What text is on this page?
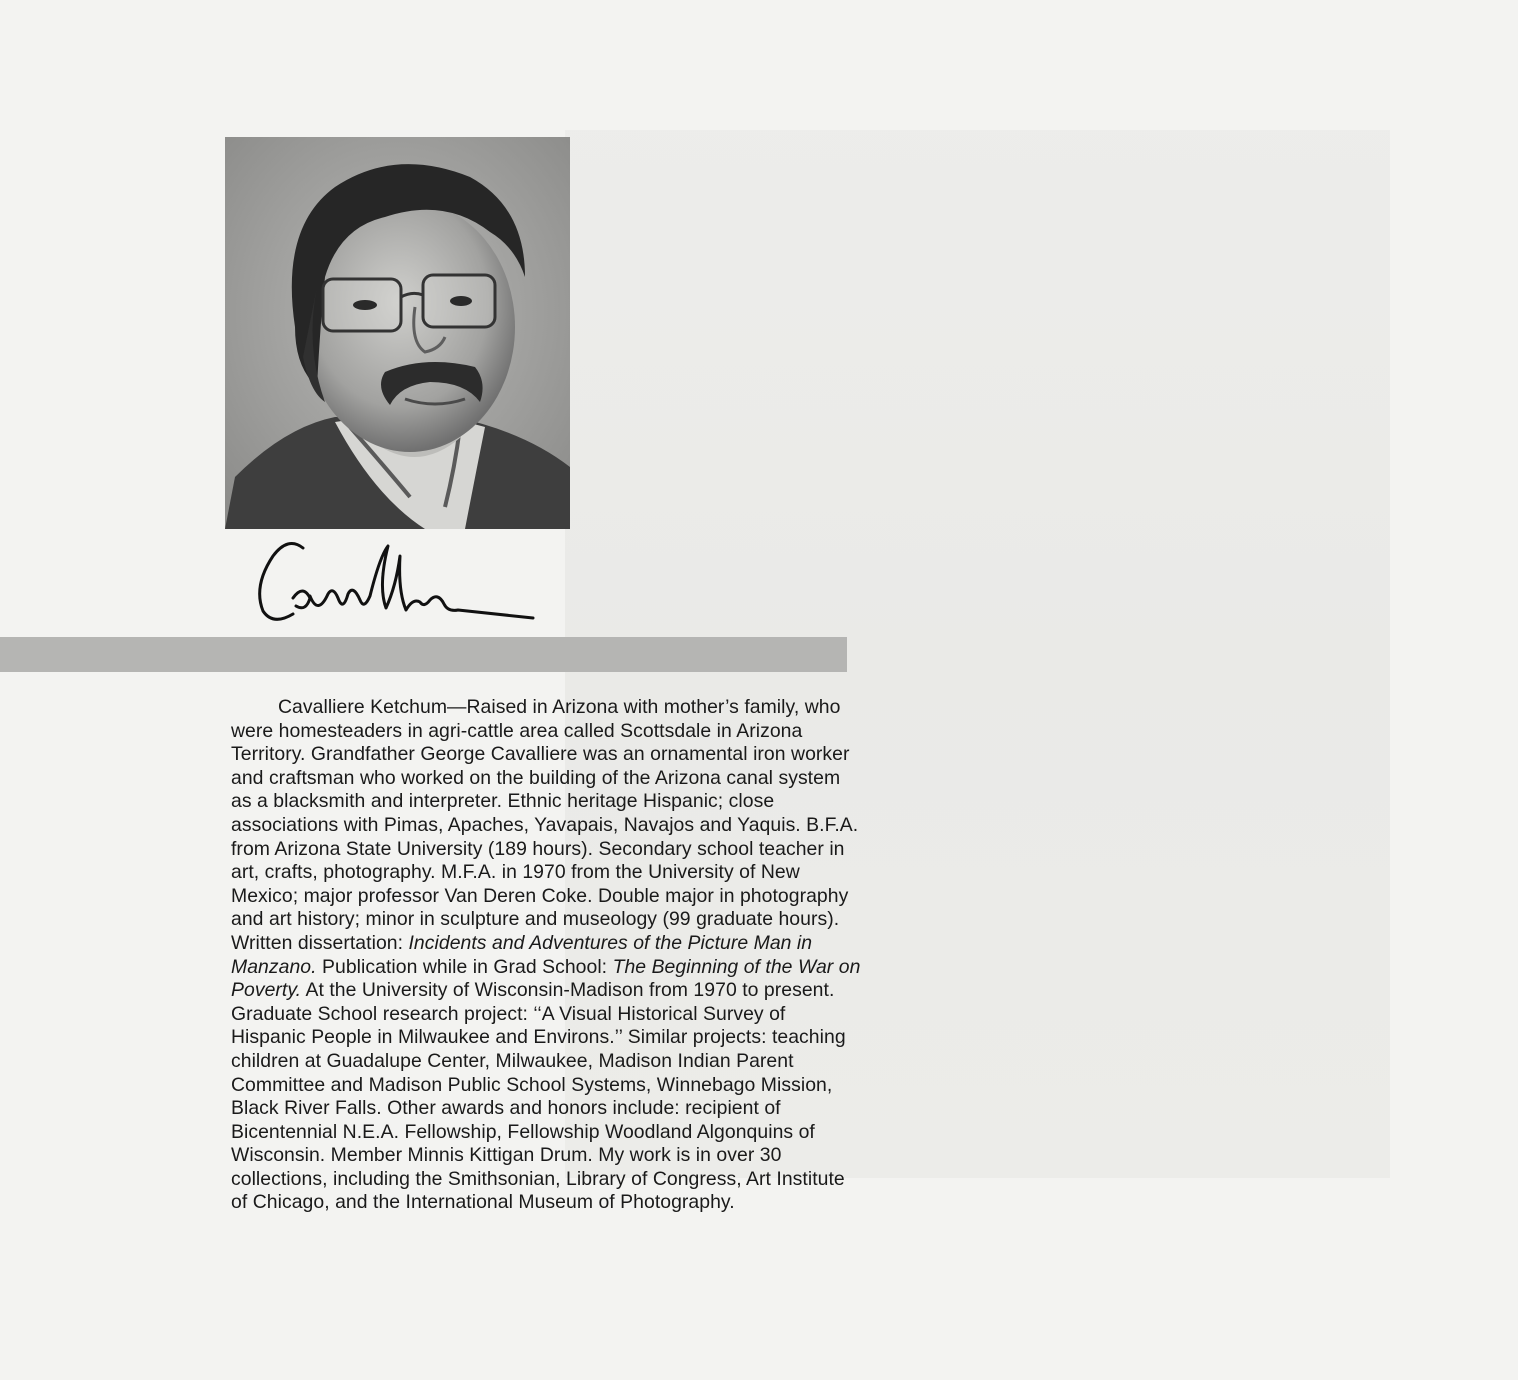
Cavalliere Ketchum—Raised in Arizona with mother’s family, who were homesteaders in agri-cattle area called Scottsdale in Arizona Territory. Grandfather George Cavalliere was an ornamental iron worker and craftsman who worked on the building of the Arizona canal system as a blacksmith and interpreter. Ethnic heritage Hispanic; close associations with Pimas, Apaches, Yavapais, Navajos and Yaquis. B.F.A. from Arizona State University (189 hours). Secondary school teacher in art, crafts, photography. M.F.A. in 1970 from the University of New Mexico; major professor Van Deren Coke. Double major in photography and art history; minor in sculpture and museology (99 graduate hours). Written dissertation: Incidents and Adventures of the Picture Man in Manzano. Publication while in Grad School: The Beginning of the War on Poverty. At the University of Wisconsin-Madison from 1970 to present. Graduate School research project: ‘‘A Visual Historical Survey of Hispanic People in Milwaukee and Environs.’’ Similar projects: teaching children at Guadalupe Center, Milwaukee, Madison Indian Parent Committee and Madison Public School Systems, Winnebago Mission, Black River Falls. Other awards and honors include: recipient of Bicentennial N.E.A. Fellowship, Fellowship Woodland Algonquins of Wisconsin. Member Minnis Kittigan Drum. My work is in over 30 collections, including the Smithsonian, Library of Congress, Art Institute of Chicago, and the International Museum of Photography.
